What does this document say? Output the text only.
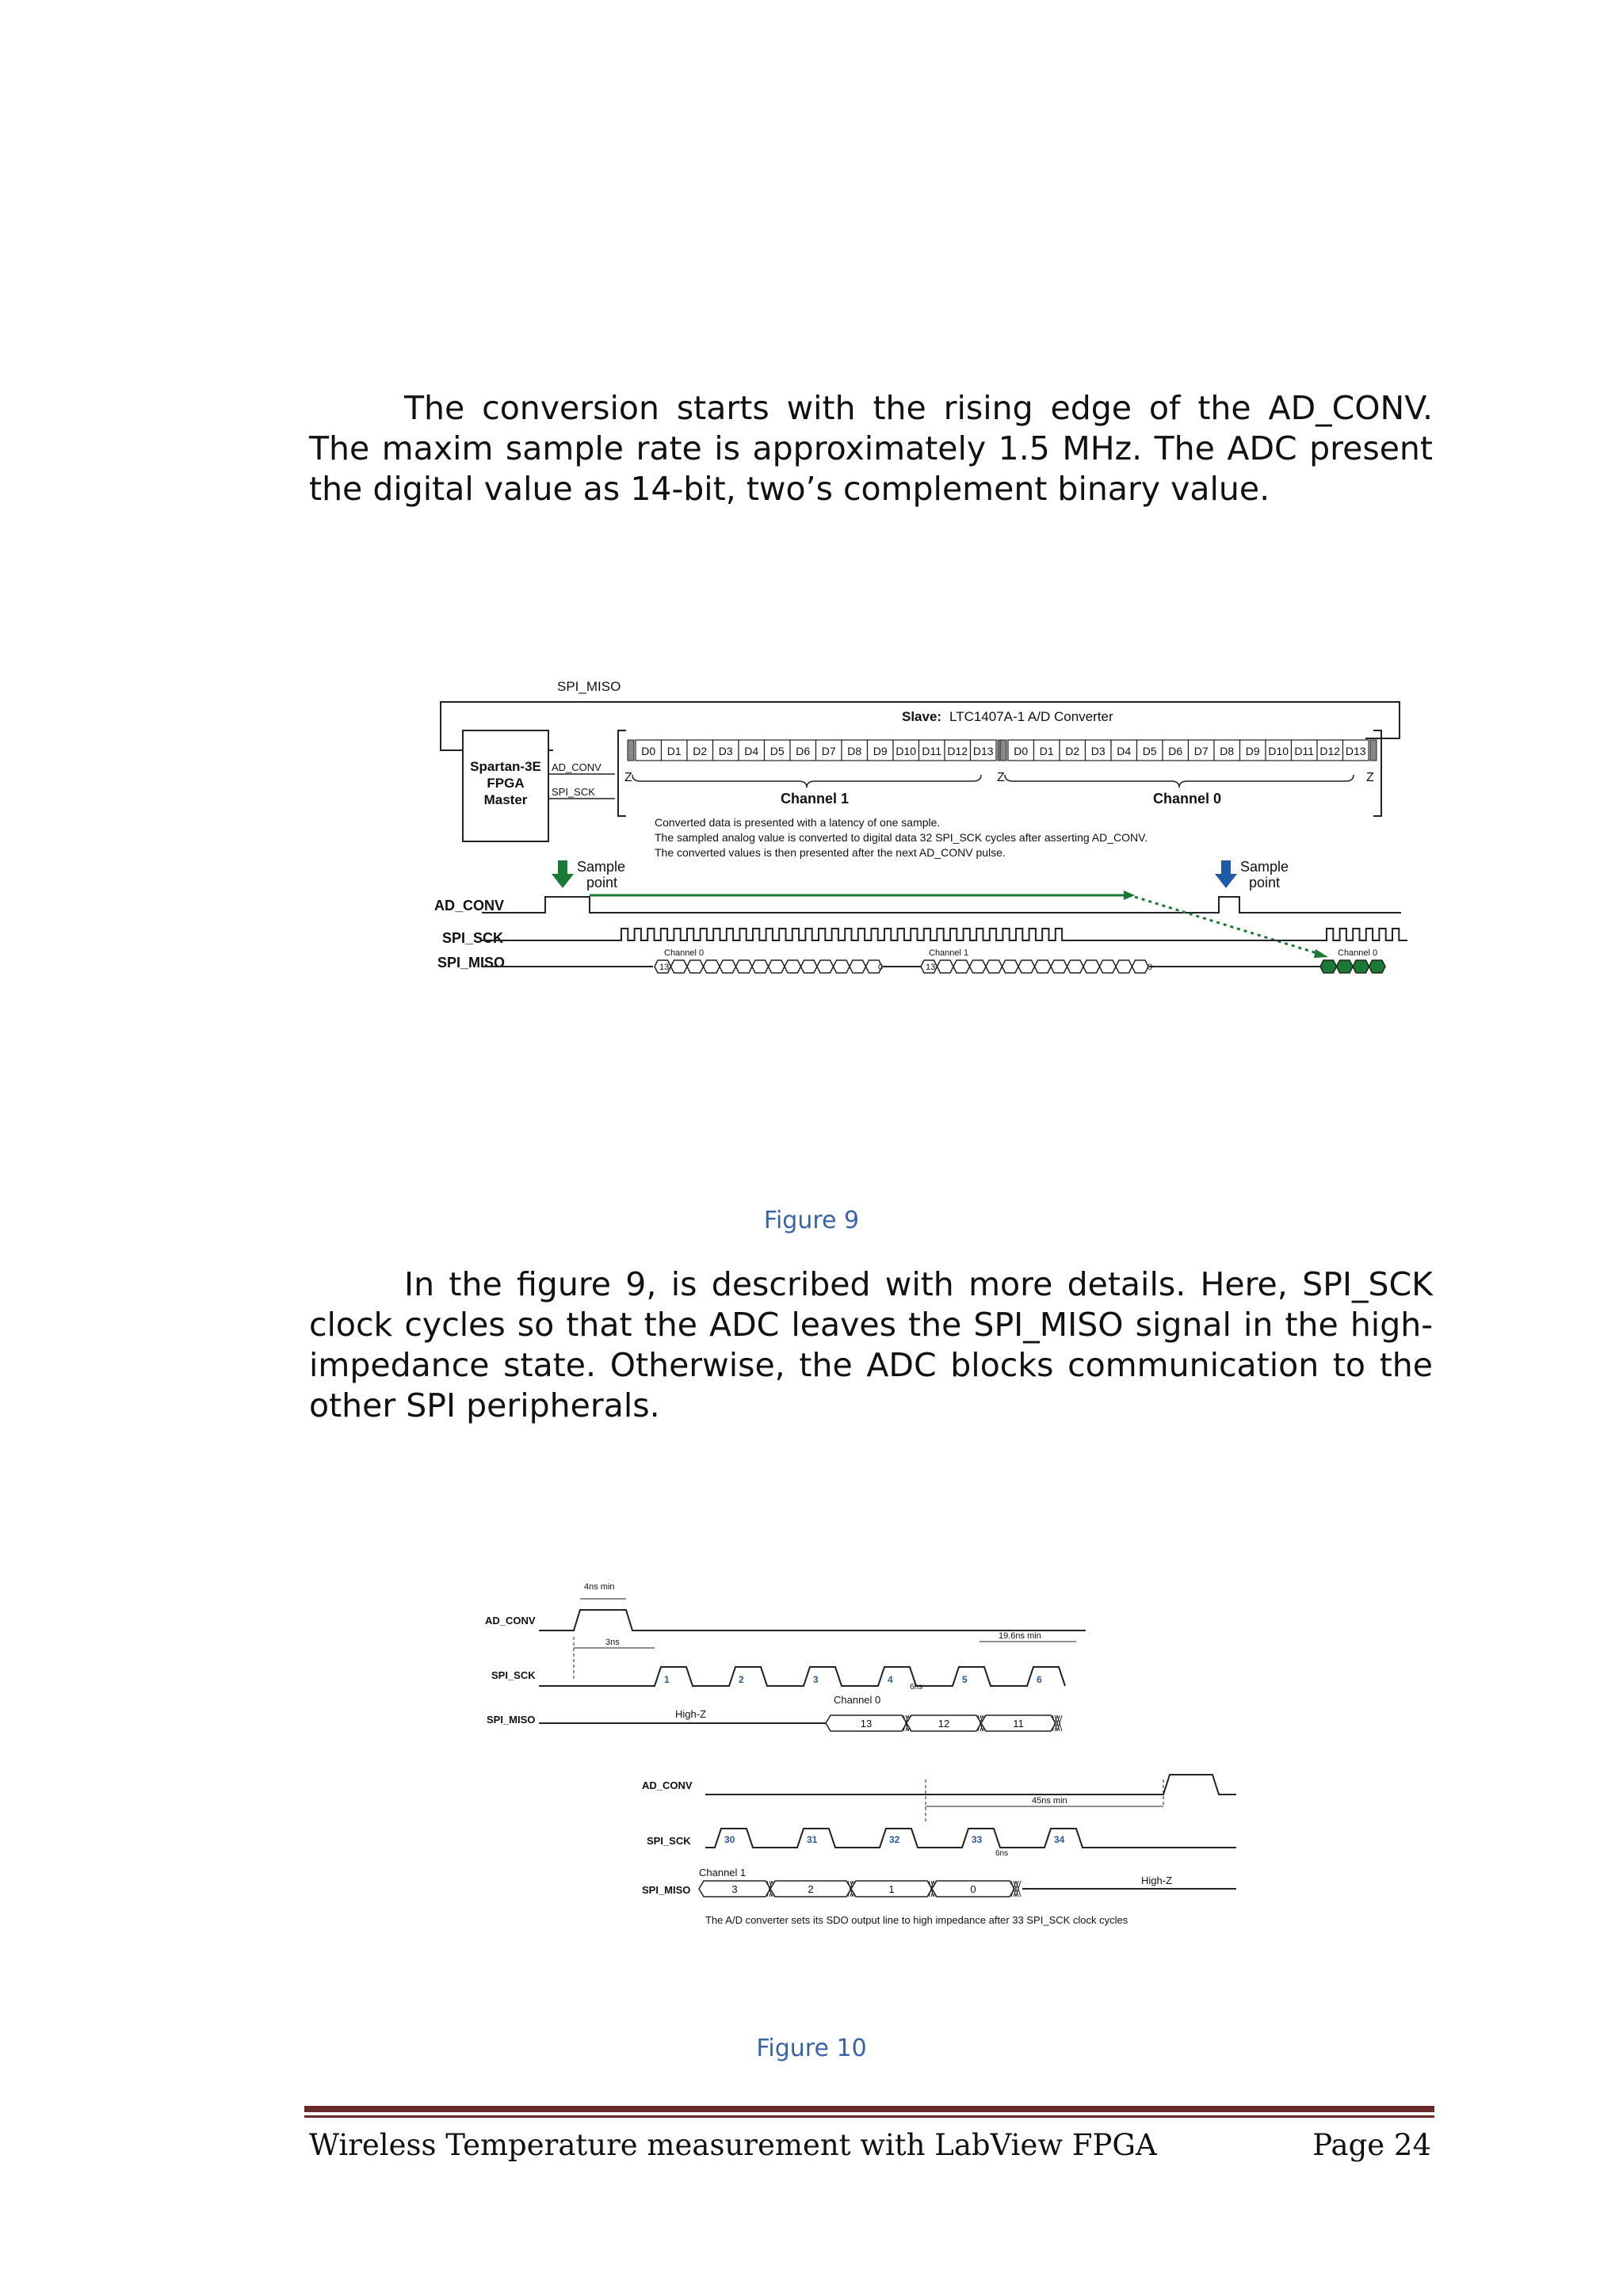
The conversion starts with the rising edge of the AD_CONV. The maxim sample rate is approximately 1.5 MHz. The ADC present the digital value as 14-bit, two’s complement binary value.

SPI_MISO
Spartan-3E
FPGA
Master
AD_CONV
SPI_SCK
Slave: LTC1407A-1 A/D Converter
D0 D1 D2 D3 D4 D5 D6 D7 D8 D9 D10 D11 D12 D13 D0 D1 D2 D3 D4 D5 D6 D7 D8 D9 D10 D11 D12 D13
Z	Z	Z
Channel 1	Channel 0
Converted data is presented with a latency of one sample.
The sampled analog value is converted to digital data 32 SPI_SCK cycles after asserting AD_CONV.
The converted values is then presented after the next AD_CONV pulse.
Sample
point
Sample
point
AD_CONV
SPI_SCK
SPI_MISO
Channel 0	Channel 1	Channel 0
13	0	13	0
Figure 9

In the figure 9, is described with more details. Here, SPI_SCK clock cycles so that the ADC leaves the SPI_MISO signal in the high-impedance state. Otherwise, the ADC blocks communication to the other SPI peripherals.

AD_CONV
SPI_SCK
SPI_MISO
4ns min
3ns
19.6ns min
1	2	3	4	5	6
6ns
High-Z
Channel 0
13	12	11
AD_CONV
SPI_SCK
SPI_MISO
45ns min
30	31	32	33	34
6ns
Channel 1
3	2	1	0
High-Z
The A/D converter sets its SDO output line to high impedance after 33 SPI_SCK clock cycles
Figure 10
Wireless Temperature measurement with LabView FPGA	Page 24
